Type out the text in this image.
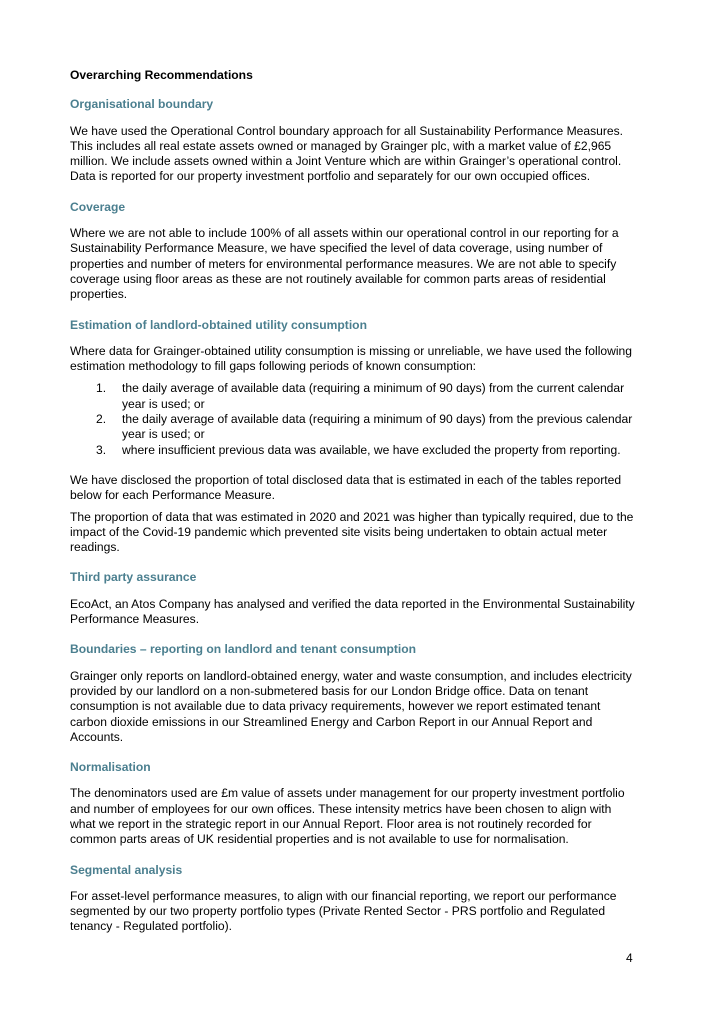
Overarching Recommendations
Organisational boundary

We have used the Operational Control boundary approach for all Sustainability Performance Measures. This includes all real estate assets owned or managed by Grainger plc, with a market value of £2,965 million. We include assets owned within a Joint Venture which are within Grainger’s operational control. Data is reported for our property investment portfolio and separately for our own occupied offices.

Coverage

Where we are not able to include 100% of all assets within our operational control in our reporting for a Sustainability Performance Measure, we have specified the level of data coverage, using number of properties and number of meters for environmental performance measures. We are not able to specify coverage using floor areas as these are not routinely available for common parts areas of residential properties.

Estimation of landlord-obtained utility consumption

Where data for Grainger-obtained utility consumption is missing or unreliable, we have used the following estimation methodology to fill gaps following periods of known consumption:

1.	the daily average of available data (requiring a minimum of 90 days) from the current calendar year is used; or
2.	the daily average of available data (requiring a minimum of 90 days) from the previous calendar year is used; or
3.	where insufficient previous data was available, we have excluded the property from reporting.

We have disclosed the proportion of total disclosed data that is estimated in each of the tables reported below for each Performance Measure.

The proportion of data that was estimated in 2020 and 2021 was higher than typically required, due to the impact of the Covid-19 pandemic which prevented site visits being undertaken to obtain actual meter readings.

Third party assurance

EcoAct, an Atos Company has analysed and verified the data reported in the Environmental Sustainability Performance Measures.

Boundaries – reporting on landlord and tenant consumption

Grainger only reports on landlord-obtained energy, water and waste consumption, and includes electricity provided by our landlord on a non-submetered basis for our London Bridge office. Data on tenant consumption is not available due to data privacy requirements, however we report estimated tenant carbon dioxide emissions in our Streamlined Energy and Carbon Report in our Annual Report and Accounts.

Normalisation

The denominators used are £m value of assets under management for our property investment portfolio and number of employees for our own offices. These intensity metrics have been chosen to align with what we report in the strategic report in our Annual Report. Floor area is not routinely recorded for common parts areas of UK residential properties and is not available to use for normalisation.

Segmental analysis

For asset-level performance measures, to align with our financial reporting, we report our performance segmented by our two property portfolio types (Private Rented Sector - PRS portfolio and Regulated tenancy - Regulated portfolio).

4
